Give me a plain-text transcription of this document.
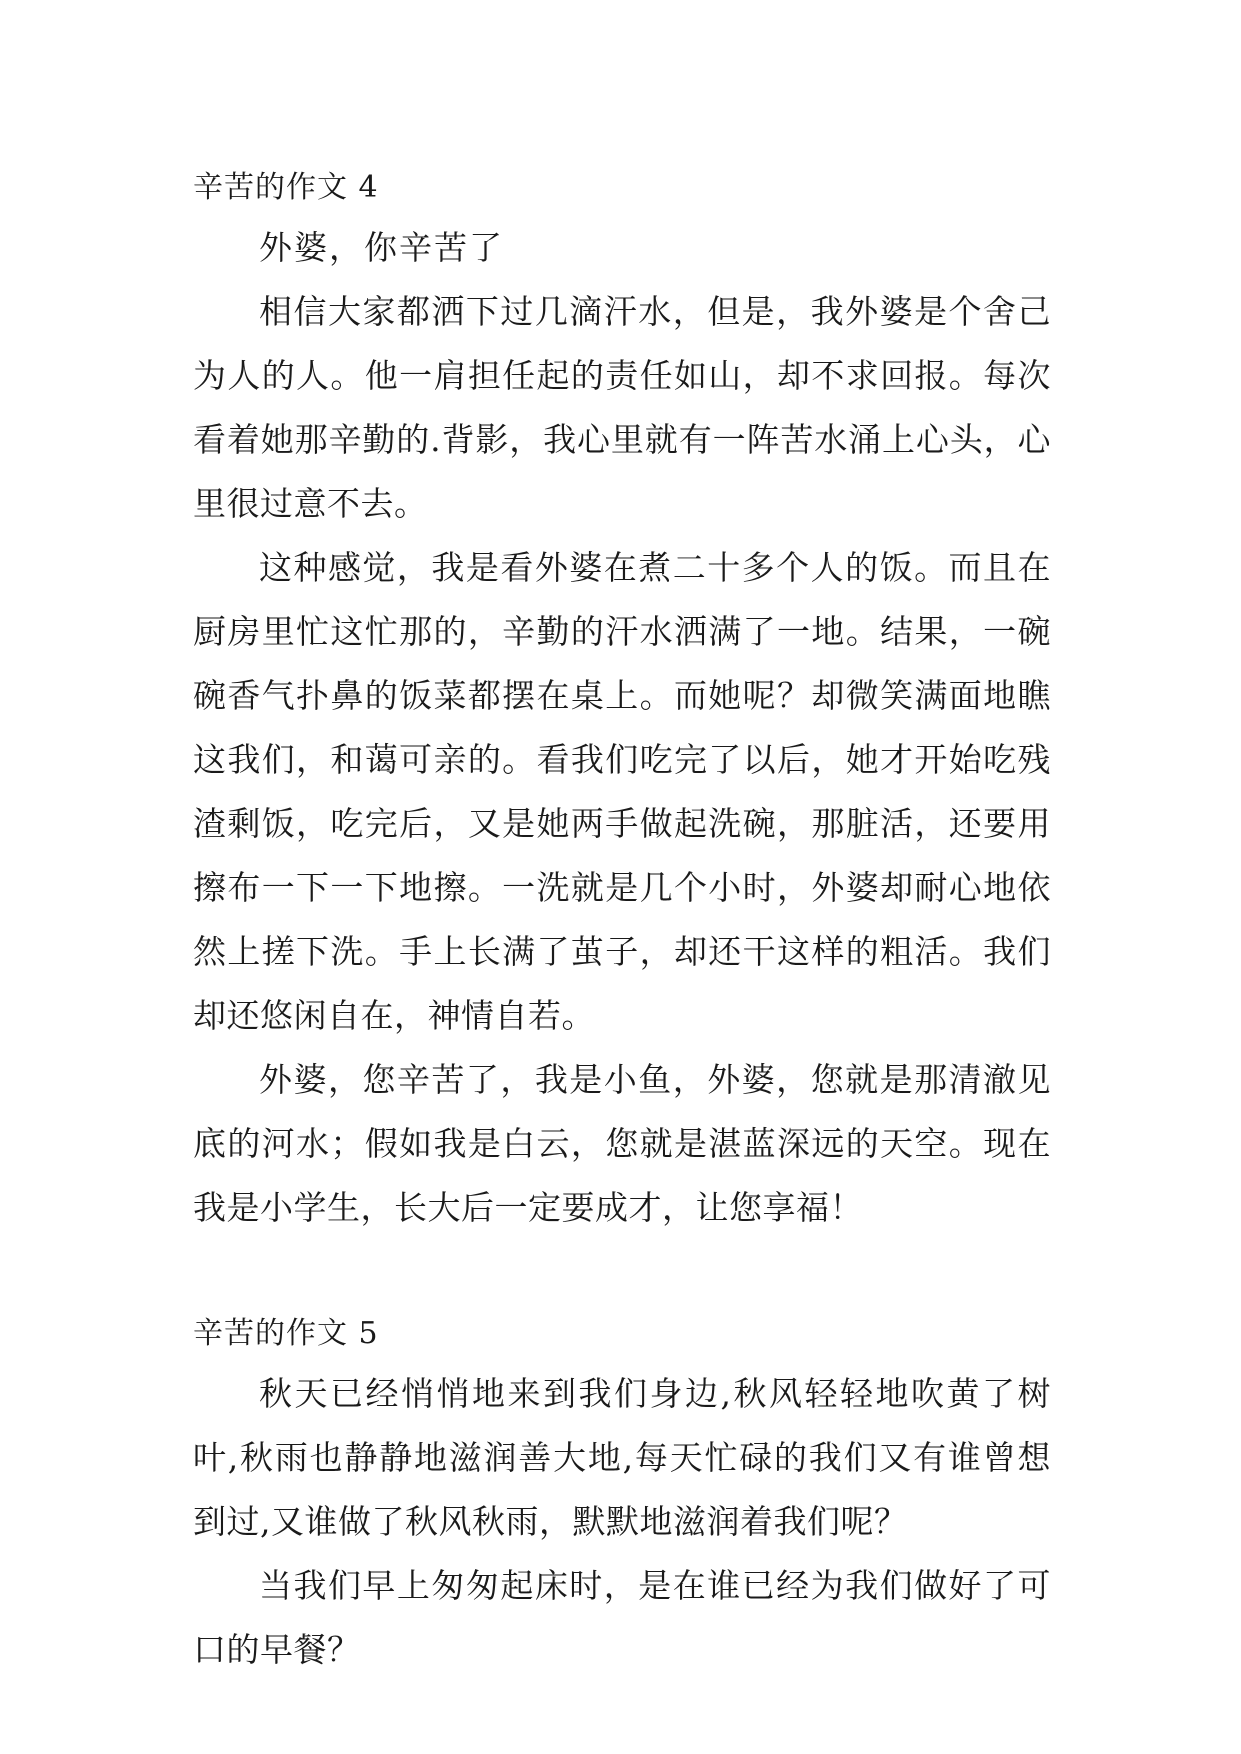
辛苦的作文 4

外婆，你辛苦了

相信大家都洒下过几滴汗水，但是，我外婆是个舍己为人的人。他一肩担任起的责任如山，却不求回报。每次看着她那辛勤的.背影，我心里就有一阵苦水涌上心头，心里很过意不去。

这种感觉，我是看外婆在煮二十多个人的饭。而且在厨房里忙这忙那的，辛勤的汗水洒满了一地。结果，一碗碗香气扑鼻的饭菜都摆在桌上。而她呢？却微笑满面地瞧这我们，和蔼可亲的。看我们吃完了以后，她才开始吃残渣剩饭，吃完后，又是她两手做起洗碗，那脏活，还要用擦布一下一下地擦。一洗就是几个小时，外婆却耐心地依然上搓下洗。手上长满了茧子，却还干这样的粗活。我们却还悠闲自在，神情自若。

外婆，您辛苦了，我是小鱼，外婆，您就是那清澈见底的河水；假如我是白云，您就是湛蓝深远的天空。现在我是小学生，长大后一定要成才，让您享福！

辛苦的作文 5

秋天已经悄悄地来到我们身边,秋风轻轻地吹黄了树叶,秋雨也静静地滋润善大地,每天忙碌的我们又有谁曾想到过,又谁做了秋风秋雨，默默地滋润着我们呢？

当我们早上匆匆起床时，是在谁已经为我们做好了可口的早餐？
